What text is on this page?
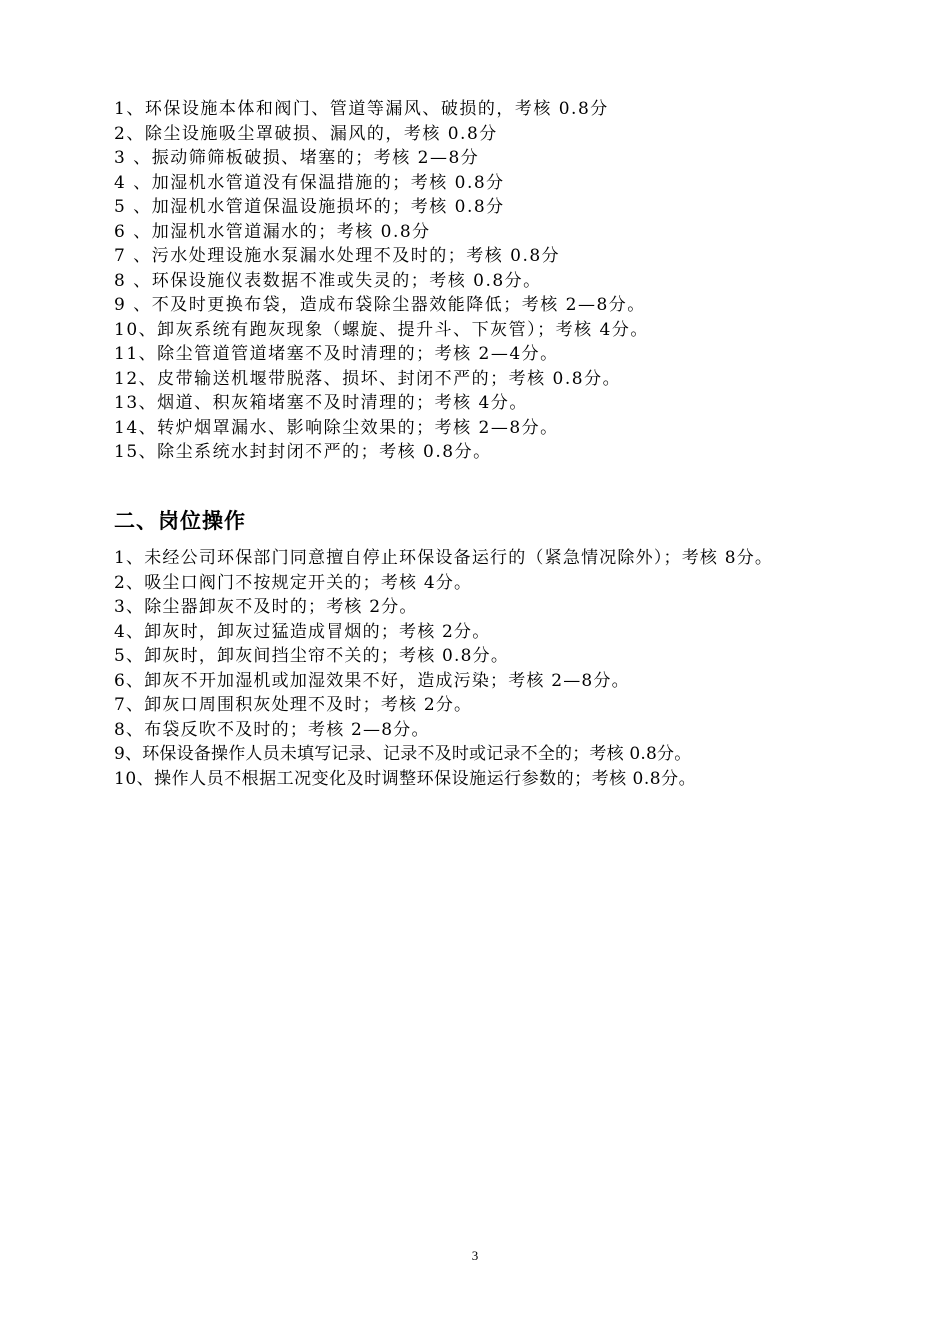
1、环保设施本体和阀门、管道等漏风、破损的，考核 0.8分
2、除尘设施吸尘罩破损、漏风的，考核 0.8分
3 、振动筛筛板破损、堵塞的；考核 2—8分
4 、加湿机水管道没有保温措施的；考核 0.8分
5 、加湿机水管道保温设施损坏的；考核 0.8分
6 、加湿机水管道漏水的；考核 0.8分
7 、污水处理设施水泵漏水处理不及时的；考核 0.8分
8 、环保设施仪表数据不准或失灵的；考核 0.8分。
9 、不及时更换布袋，造成布袋除尘器效能降低；考核 2—8分。
10、卸灰系统有跑灰现象（螺旋、提升斗、下灰管）；考核 4分。
11、除尘管道管道堵塞不及时清理的；考核 2—4分。
12、皮带输送机堰带脱落、损坏、封闭不严的；考核 0.8分。
13、烟道、积灰箱堵塞不及时清理的；考核 4分。
14、转炉烟罩漏水、影响除尘效果的；考核 2—8分。
15、除尘系统水封封闭不严的；考核 0.8分。
二、岗位操作
1、未经公司环保部门同意擅自停止环保设备运行的（紧急情况除外）；考核 8分。
2、吸尘口阀门不按规定开关的；考核 4分。
3、除尘器卸灰不及时的；考核 2分。
4、卸灰时，卸灰过猛造成冒烟的；考核 2分。
5、卸灰时，卸灰间挡尘帘不关的；考核 0.8分。
6、卸灰不开加湿机或加湿效果不好，造成污染；考核 2—8分。
7、卸灰口周围积灰处理不及时；考核 2分。
8、布袋反吹不及时的；考核 2—8分。
9、环保设备操作人员未填写记录、记录不及时或记录不全的；考核 0.8分。
10、操作人员不根据工况变化及时调整环保设施运行参数的；考核 0.8分。
3
